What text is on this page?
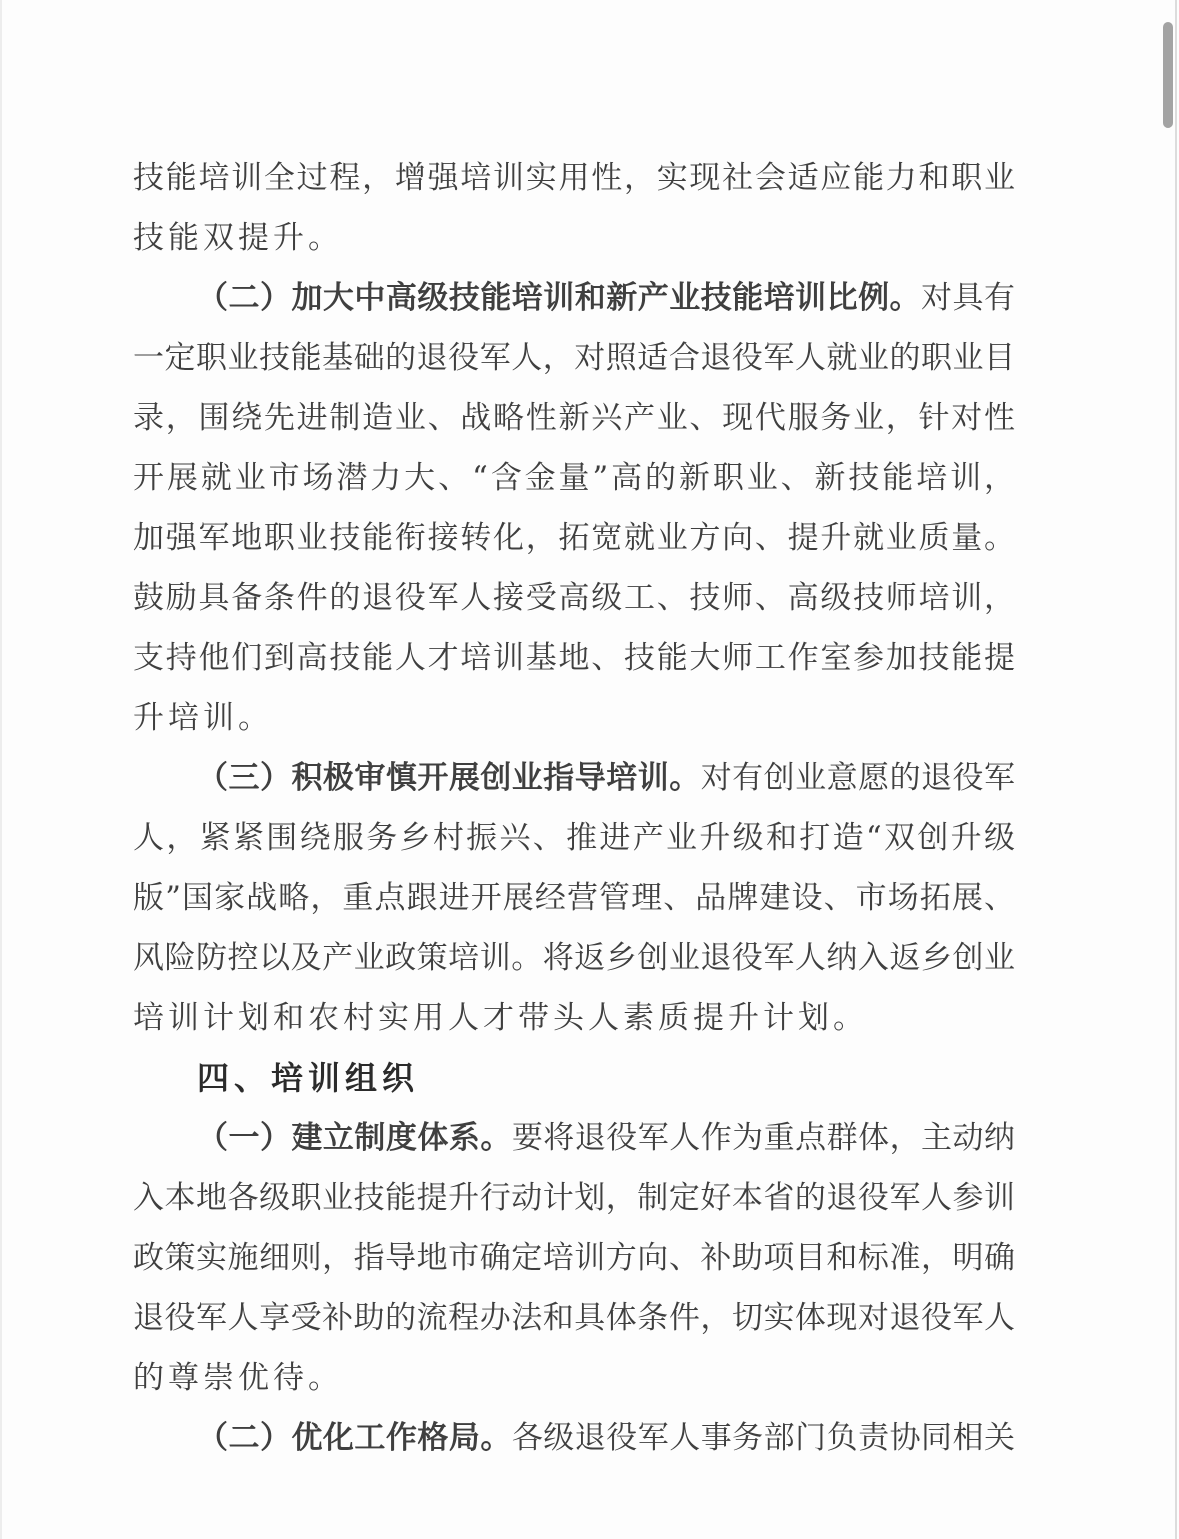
技能培训全过程，增强培训实用性，实现社会适应能力和职业
技能双提升。
（二）加大中高级技能培训和新产业技能培训比例。对具有
一定职业技能基础的退役军人，对照适合退役军人就业的职业目
录，围绕先进制造业、战略性新兴产业、现代服务业，针对性
开展就业市场潜力大、“含金量”高的新职业、新技能培训，
加强军地职业技能衔接转化，拓宽就业方向、提升就业质量。
鼓励具备条件的退役军人接受高级工、技师、高级技师培训，
支持他们到高技能人才培训基地、技能大师工作室参加技能提
升培训。
（三）积极审慎开展创业指导培训。对有创业意愿的退役军
人，紧紧围绕服务乡村振兴、推进产业升级和打造“双创升级
版”国家战略，重点跟进开展经营管理、品牌建设、市场拓展、
风险防控以及产业政策培训。将返乡创业退役军人纳入返乡创业
培训计划和农村实用人才带头人素质提升计划。
四、培训组织
（一）建立制度体系。要将退役军人作为重点群体，主动纳
入本地各级职业技能提升行动计划，制定好本省的退役军人参训
政策实施细则，指导地市确定培训方向、补助项目和标准，明确
退役军人享受补助的流程办法和具体条件，切实体现对退役军人
的尊崇优待。
（二）优化工作格局。各级退役军人事务部门负责协同相关
